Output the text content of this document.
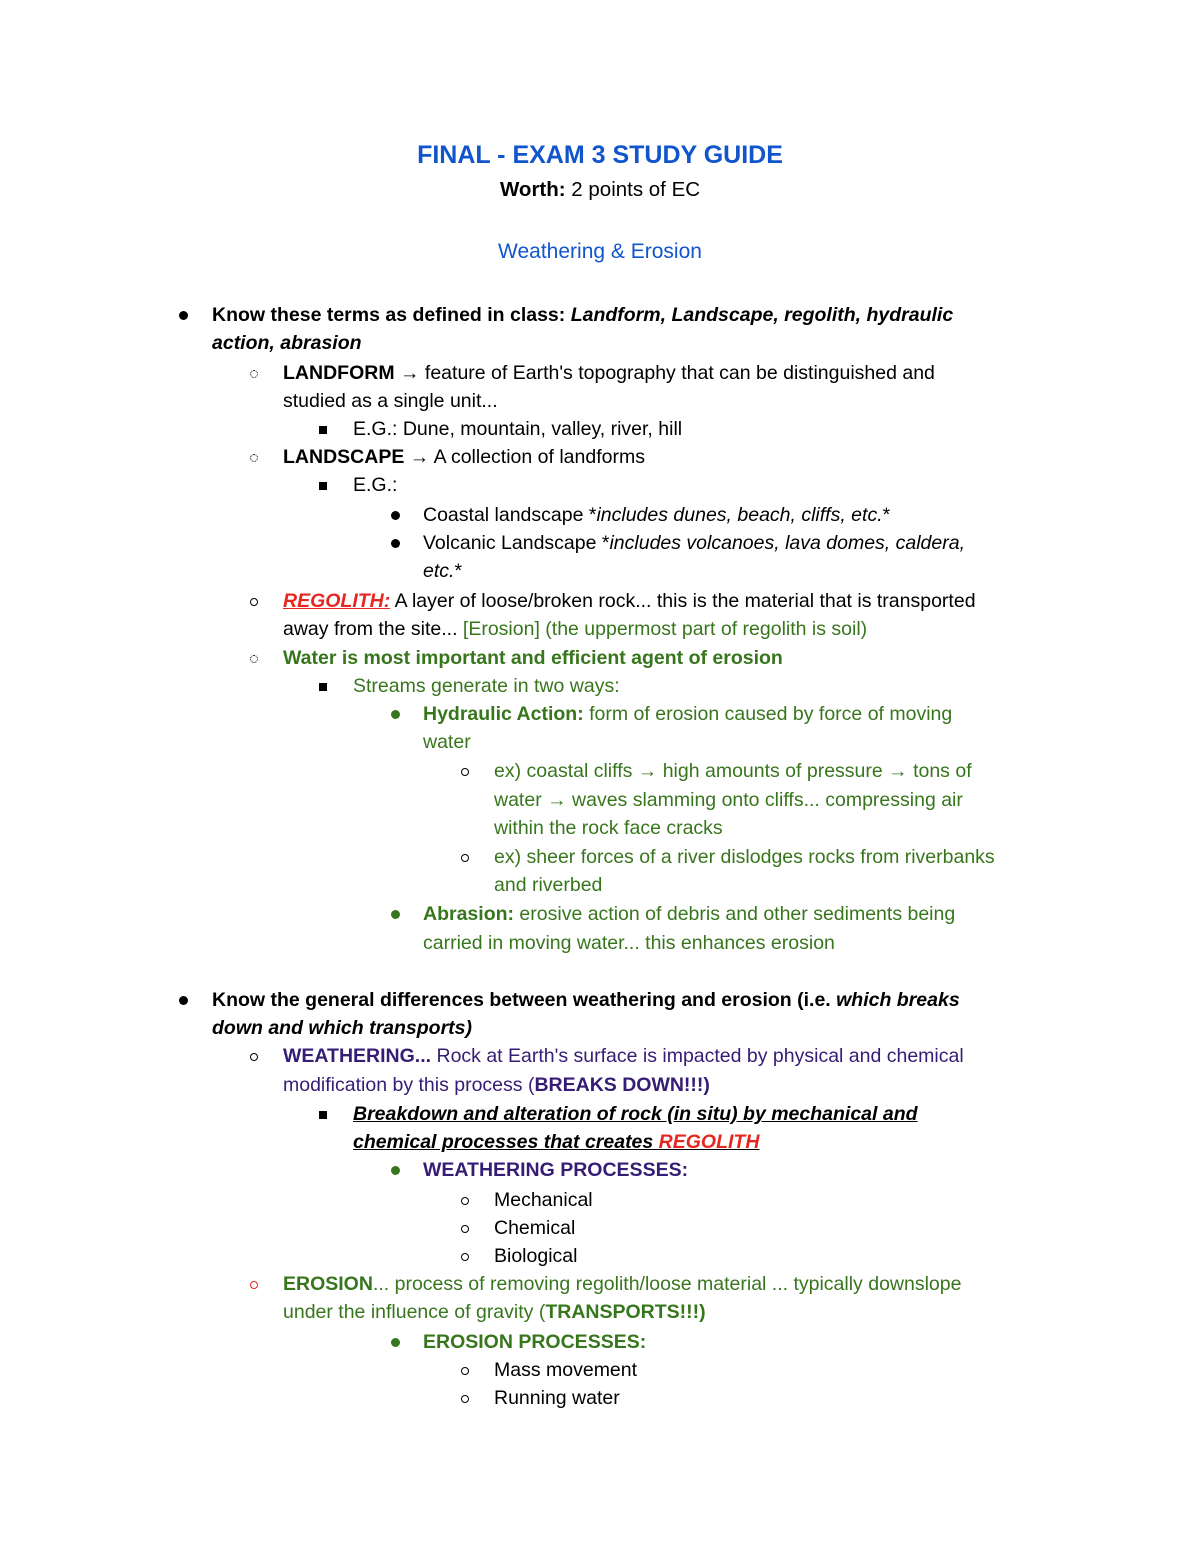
FINAL - EXAM 3 STUDY GUIDE
Worth: 2 points of EC
Weathering & Erosion
Know these terms as defined in class: Landform, Landscape, regolith, hydraulic
action, abrasion
LANDFORM → feature of Earth's topography that can be distinguished and
studied as a single unit...
E.G.: Dune, mountain, valley, river, hill
LANDSCAPE → A collection of landforms
E.G.:
Coastal landscape *includes dunes, beach, cliffs, etc.*
Volcanic Landscape *includes volcanoes, lava domes, caldera,
etc.*
REGOLITH: A layer of loose/broken rock... this is the material that is transported
away from the site... [Erosion] (the uppermost part of regolith is soil)
Water is most important and efficient agent of erosion
Streams generate in two ways:
Hydraulic Action: form of erosion caused by force of moving
water
ex) coastal cliffs → high amounts of pressure → tons of
water → waves slamming onto cliffs... compressing air
within the rock face cracks
ex) sheer forces of a river dislodges rocks from riverbanks
and riverbed
Abrasion: erosive action of debris and other sediments being
carried in moving water... this enhances erosion
Know the general differences between weathering and erosion (i.e. which breaks
down and which transports)
WEATHERING... Rock at Earth's surface is impacted by physical and chemical
modification by this process (BREAKS DOWN!!!)
Breakdown and alteration of rock (in situ) by mechanical and
chemical processes that creates REGOLITH
WEATHERING PROCESSES:
Mechanical
Chemical
Biological
EROSION... process of removing regolith/loose material ... typically downslope
under the influence of gravity (TRANSPORTS!!!)
EROSION PROCESSES:
Mass movement
Running water
